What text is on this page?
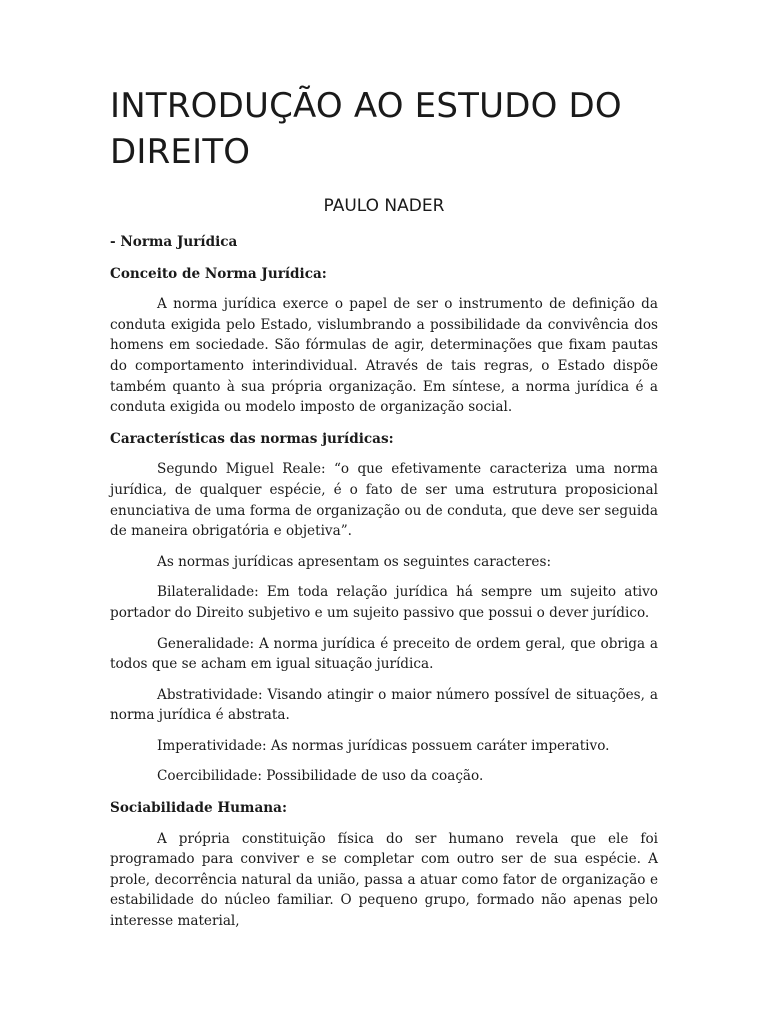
INTRODUÇÃO AO ESTUDO DO DIREITO
PAULO NADER
- Norma Jurídica
Conceito de Norma Jurídica:

A norma jurídica exerce o papel de ser o instrumento de definição da conduta exigida pelo Estado, vislumbrando a possibilidade da convivência dos homens em sociedade. São fórmulas de agir, determinações que fixam pautas do comportamento interindividual. Através de tais regras, o Estado dispõe também quanto à sua própria organização. Em síntese, a norma jurídica é a conduta exigida ou modelo imposto de organização social.

Características das normas jurídicas:

Segundo Miguel Reale: “o que efetivamente caracteriza uma norma jurídica, de qualquer espécie, é o fato de ser uma estrutura proposicional enunciativa de uma forma de organização ou de conduta, que deve ser seguida de maneira obrigatória e objetiva”.

As normas jurídicas apresentam os seguintes caracteres:

Bilateralidade: Em toda relação jurídica há sempre um sujeito ativo portador do Direito subjetivo e um sujeito passivo que possui o dever jurídico.

Generalidade: A norma jurídica é preceito de ordem geral, que obriga a todos que se acham em igual situação jurídica.

Abstratividade: Visando atingir o maior número possível de situações, a norma jurídica é abstrata.

Imperatividade: As normas jurídicas possuem caráter imperativo.

Coercibilidade: Possibilidade de uso da coação.

Sociabilidade Humana:

A própria constituição física do ser humano revela que ele foi programado para conviver e se completar com outro ser de sua espécie. A prole, decorrência natural da união, passa a atuar como fator de organização e estabilidade do núcleo familiar. O pequeno grupo, formado não apenas pelo interesse material,
